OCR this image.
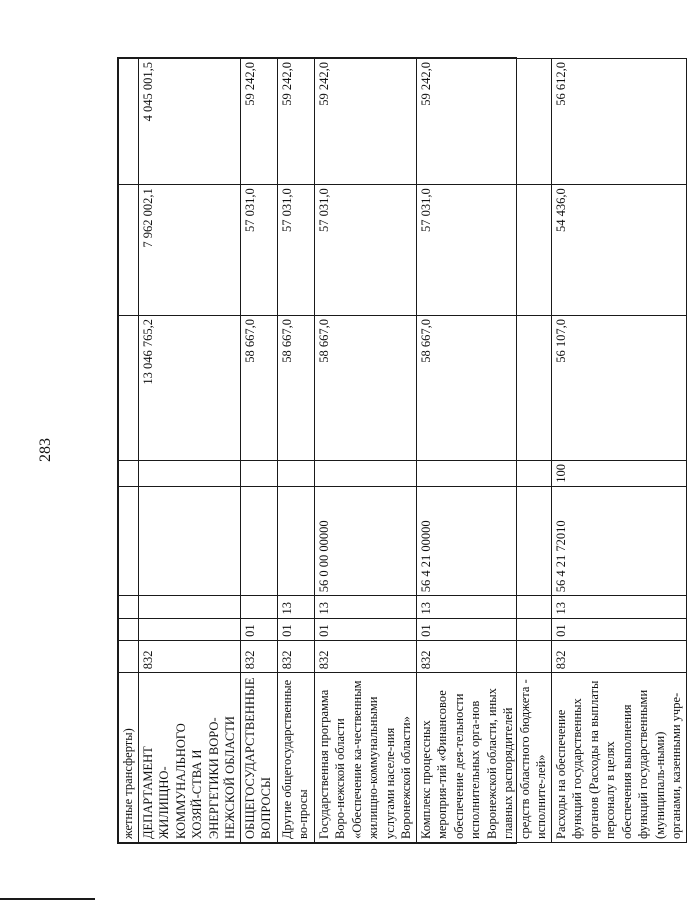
283
жетные трансферты)								
ДЕПАРТАМЕНТ ЖИЛИЩНО-КОММУНАЛЬНОГО ХОЗЯЙ-СТВА И ЭНЕРГЕТИКИ ВОРО-НЕЖСКОЙ ОБЛАСТИ	832					13 046 765,2	7 962 002,1	4 045 001,5
ОБЩЕГОСУДАРСТВЕННЫЕ ВОПРОСЫ	832	01				58 667,0	57 031,0	59 242,0
Другие общегосударственные во-просы	832	01	13			58 667,0	57 031,0	59 242,0
Государственная программа Воро-нежской области «Обеспечение ка-чественным жилищно-коммунальными услугами населе-ния Воронежской области»	832	01	13	56 0 00 00000		58 667,0	57 031,0	59 242,0
Комплекс процессных мероприя-тий «Финансовое обеспечение дея-тельности исполнительных орга-нов Воронежской области, иных главных распорядителей средств областного бюджета - исполните-лей»	832	01	13	56 4 21 00000		58 667,0	57 031,0	59 242,0
Расходы на обеспечение функций государственных органов (Расходы на выплаты персоналу в целях обеспечения выполнения функций государственными (муниципаль-ными) органами, казенными учре-	832	01	13	56 4 21 72010	100	56 107,0	54 436,0	56 612,0
